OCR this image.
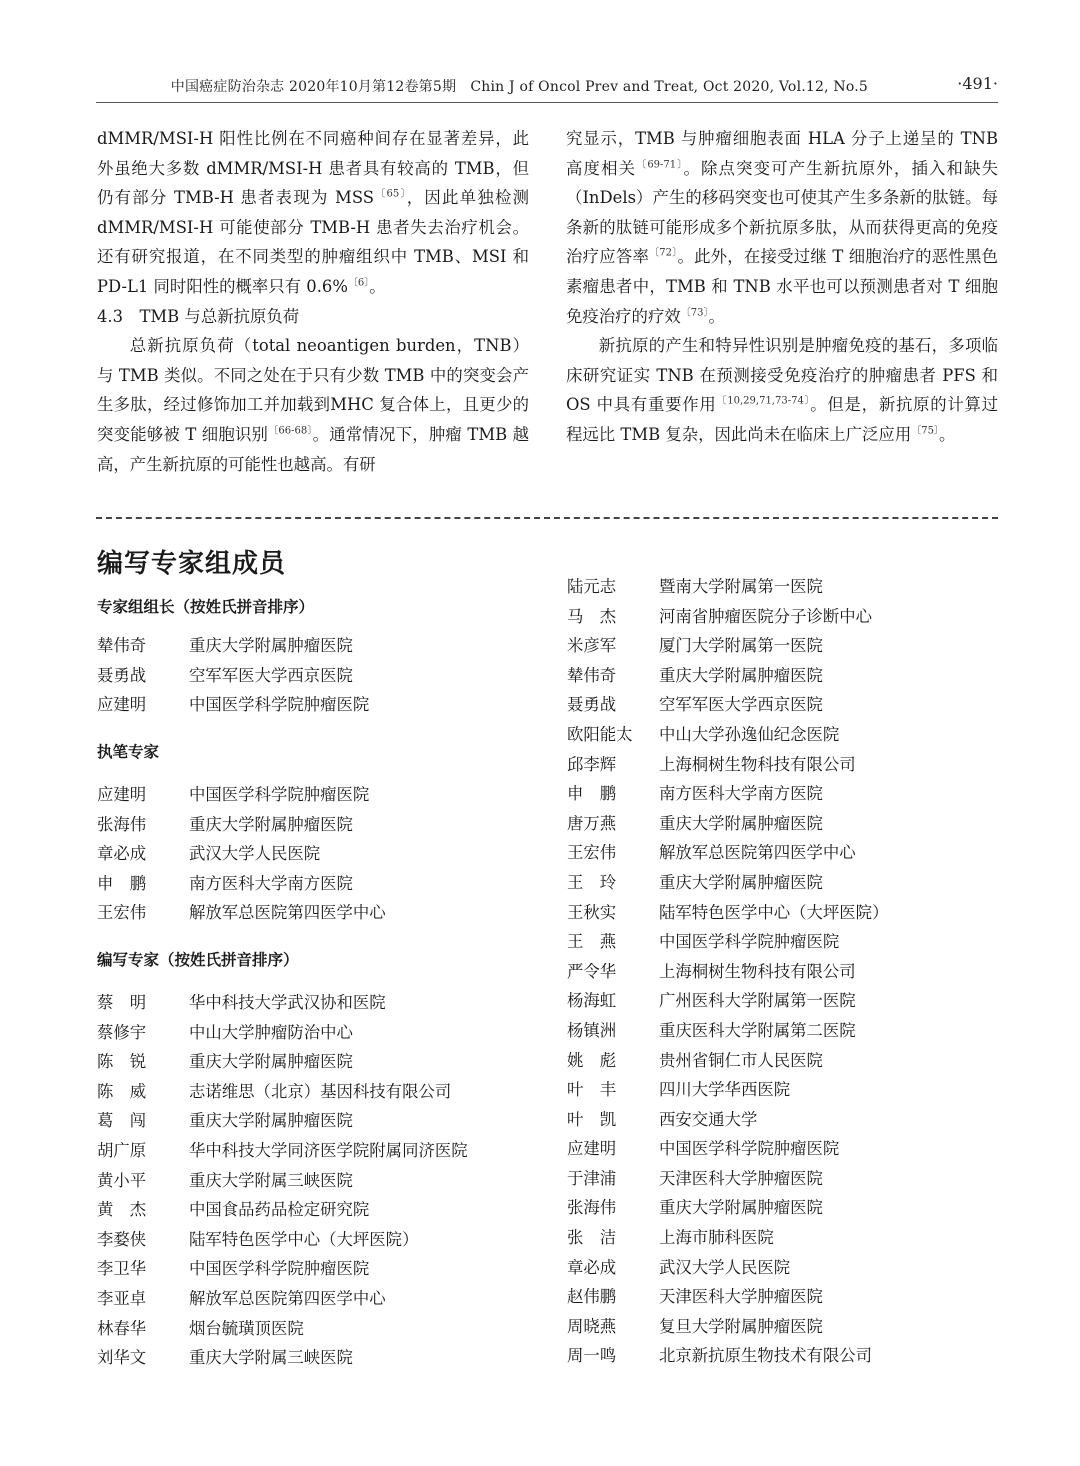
中国癌症防治杂志 2020年10月第12卷第5期　Chin J of Oncol Prev and Treat, Oct 2020, Vol.12, No.5	·491·

dMMR/MSI-H 阳性比例在不同癌种间存在显著差异，此外虽绝大多数 dMMR/MSI-H 患者具有较高的 TMB，但仍有部分 TMB-H 患者表现为 MSS$^{〔65〕}$，因此单独检测 dMMR/MSI-H 可能使部分 TMB-H 患者失去治疗机会。还有研究报道，在不同类型的肿瘤组织中 TMB、MSI 和 PD-L1 同时阳性的概率只有 0.6%$^{〔6〕}$。

4.3　TMB 与总新抗原负荷

总新抗原负荷（total neoantigen burden，TNB）与 TMB 类似。不同之处在于只有少数 TMB 中的突变会产生多肽，经过修饰加工并加载到MHC 复合体上，且更少的突变能够被 T 细胞识别$^{〔66-68〕}$。通常情况下，肿瘤 TMB 越高，产生新抗原的可能性也越高。有研

究显示，TMB 与肿瘤细胞表面 HLA 分子上递呈的 TNB 高度相关$^{〔69-71〕}$。除点突变可产生新抗原外，插入和缺失（InDels）产生的移码突变也可使其产生多条新的肽链。每条新的肽链可能形成多个新抗原多肽，从而获得更高的免疫治疗应答率$^{〔72〕}$。此外，在接受过继 T 细胞治疗的恶性黑色素瘤患者中，TMB 和 TNB 水平也可以预测患者对 T 细胞免疫治疗的疗效$^{〔73〕}$。

新抗原的产生和特异性识别是肿瘤免疫的基石，多项临床研究证实 TNB 在预测接受免疫治疗的肿瘤患者 PFS 和 OS 中具有重要作用$^{〔10,29,71,73-74〕}$。但是，新抗原的计算过程远比 TMB 复杂，因此尚未在临床上广泛应用$^{〔75〕}$。

编写专家组成员
专家组组长（按姓氏拼音排序）
辇伟奇	重庆大学附属肿瘤医院
聂勇战	空军军医大学西京医院
应建明	中国医学科学院肿瘤医院
执笔专家
应建明	中国医学科学院肿瘤医院
张海伟	重庆大学附属肿瘤医院
章必成	武汉大学人民医院
申　鹏	南方医科大学南方医院
王宏伟	解放军总医院第四医学中心
编写专家（按姓氏拼音排序）
蔡　明	华中科技大学武汉协和医院
蔡修宇	中山大学肿瘤防治中心
陈　锐	重庆大学附属肿瘤医院
陈　威	志诺维思（北京）基因科技有限公司
葛　闯	重庆大学附属肿瘤医院
胡广原	华中科技大学同济医学院附属同济医院
黄小平	重庆大学附属三峡医院
黄　杰	中国食品药品检定研究院
李婺侠	陆军特色医学中心（大坪医院）
李卫华	中国医学科学院肿瘤医院
李亚卓	解放军总医院第四医学中心
林春华	烟台毓璜顶医院
刘华文	重庆大学附属三峡医院
陆元志	暨南大学附属第一医院
马　杰	河南省肿瘤医院分子诊断中心
米彦军	厦门大学附属第一医院
辇伟奇	重庆大学附属肿瘤医院
聂勇战	空军军医大学西京医院
欧阳能太 中山大学孙逸仙纪念医院
邱李辉	上海桐树生物科技有限公司
申　鹏	南方医科大学南方医院
唐万燕	重庆大学附属肿瘤医院
王宏伟	解放军总医院第四医学中心
王　玲	重庆大学附属肿瘤医院
王秋实	陆军特色医学中心（大坪医院）
王　燕	中国医学科学院肿瘤医院
严令华	上海桐树生物科技有限公司
杨海虹	广州医科大学附属第一医院
杨镇洲	重庆医科大学附属第二医院
姚　彪	贵州省铜仁市人民医院
叶　丰	四川大学华西医院
叶　凯	西安交通大学
应建明	中国医学科学院肿瘤医院
于津浦	天津医科大学肿瘤医院
张海伟	重庆大学附属肿瘤医院
张　洁	上海市肺科医院
章必成	武汉大学人民医院
赵伟鹏	天津医科大学肿瘤医院
周晓燕	复旦大学附属肿瘤医院
周一鸣	北京新抗原生物技术有限公司
